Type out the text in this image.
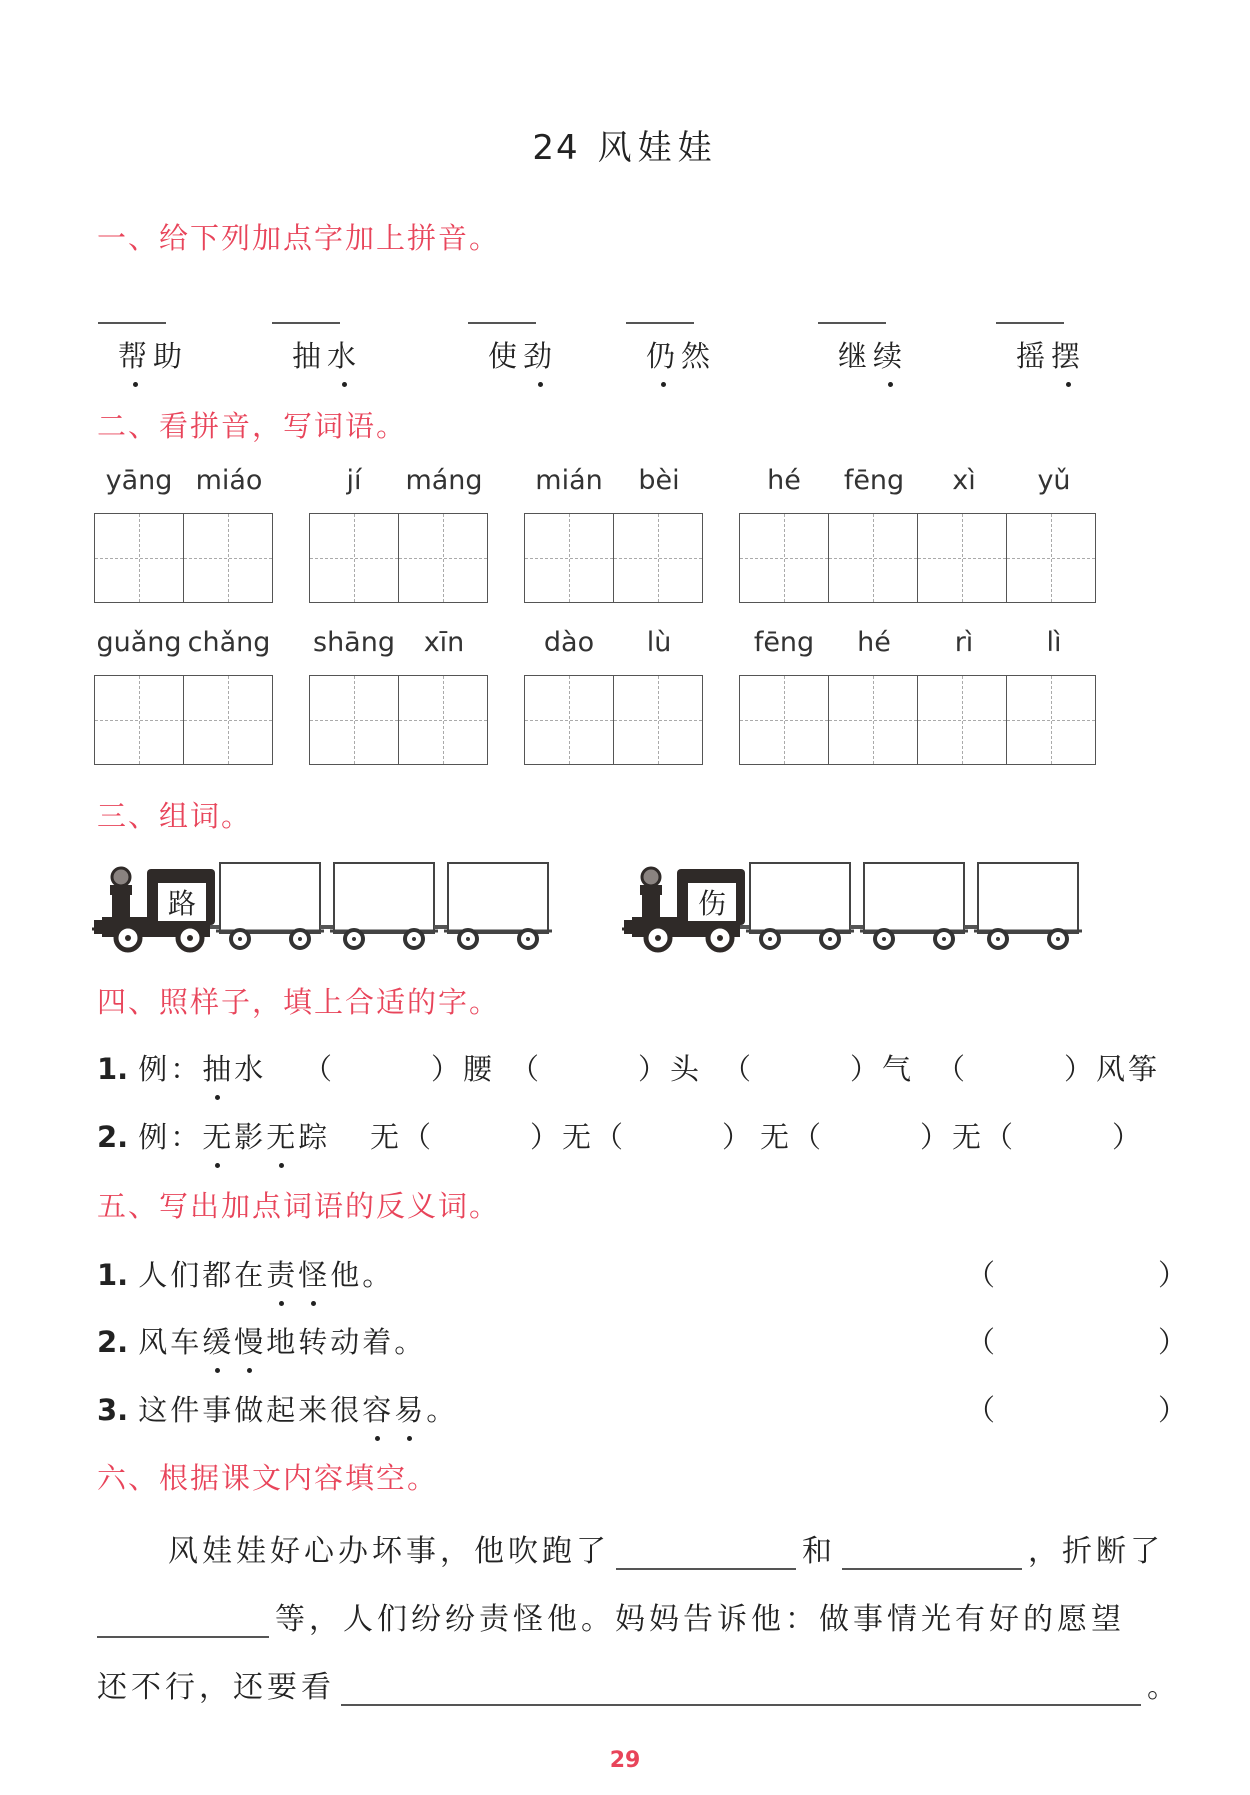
24 风娃娃
一、给下列加点字加上拼音。
帮助	抽水	使劲	仍然	继续	摇摆
二、看拼音，写词语。
yāng miáo	jí	máng	mián	bèi	hé	fēng	xì	yǔ
guǎng chǎng shāng	xīn	dào	lù	fēng	hé	rì	lì
三、组词。
路	伤
四、照样子，填上合适的字。
1. 例：抽水 （　　　）腰 （　　　）头 （　　　）气 （　　　）风筝
2. 例：无影无踪 无（　　　）无（　　　） 无（　　　）无（　　　）
五、写出加点词语的反义词。
1. 人们都在责怪他。	（　　　　　）
2. 风车缓慢地转动着。	（　　　　　）
3. 这件事做起来很容易。	（　　　　　）
六、根据课文内容填空。
风娃娃好心办坏事，他吹跑了	和	，折断了
等，人们纷纷责怪他。妈妈告诉他：做事情光有好的愿望
还不行，还要看	。
29
